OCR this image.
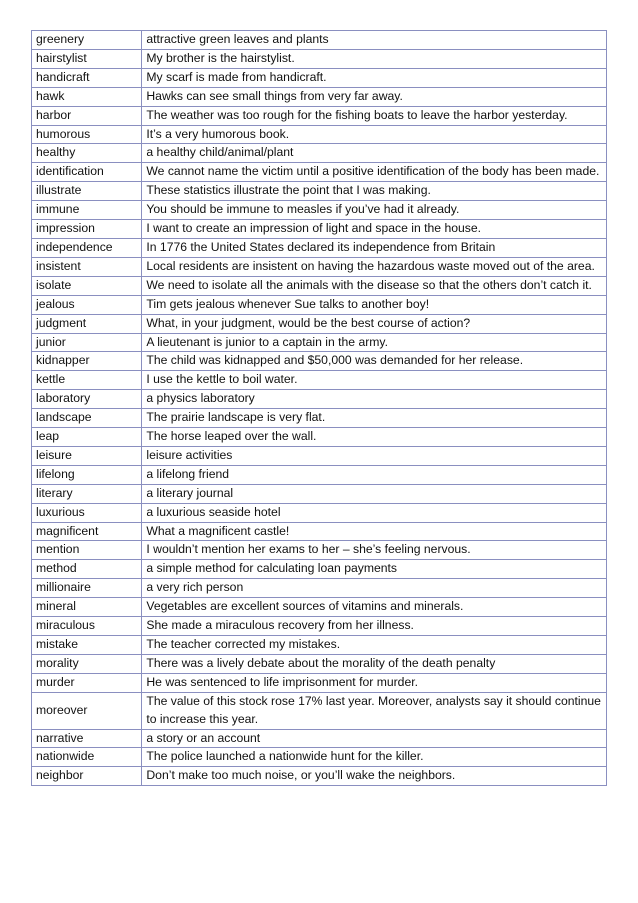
greenery	attractive green leaves and plants
hairstylist	My brother is the hairstylist.
handicraft	My scarf is made from handicraft.
hawk	Hawks can see small things from very far away.
harbor	The weather was too rough for the fishing boats to leave the harbor yesterday.
humorous	It’s a very humorous book.
healthy	a healthy child/animal/plant
identification	We cannot name the victim until a positive identification of the body has been made.
illustrate	These statistics illustrate the point that I was making.
immune	You should be immune to measles if you’ve had it already.
impression	I want to create an impression of light and space in the house.
independence	In 1776 the United States declared its independence from Britain
insistent	Local residents are insistent on having the hazardous waste moved out of the area.
isolate	We need to isolate all the animals with the disease so that the others don’t catch it.
jealous	Tim gets jealous whenever Sue talks to another boy!
judgment	What, in your judgment, would be the best course of action?
junior	A lieutenant is junior to a captain in the army.
kidnapper	The child was kidnapped and $50,000 was demanded for her release.
kettle	I use the kettle to boil water.
laboratory	a physics laboratory
landscape	The prairie landscape is very flat.
leap	The horse leaped over the wall.
leisure	leisure activities
lifelong	a lifelong friend
literary	a literary journal
luxurious	a luxurious seaside hotel
magnificent	What a magnificent castle!
mention	I wouldn’t mention her exams to her – she’s feeling nervous.
method	a simple method for calculating loan payments
millionaire	a very rich person
mineral	Vegetables are excellent sources of vitamins and minerals.
miraculous	She made a miraculous recovery from her illness.
mistake	The teacher corrected my mistakes.
morality	There was a lively debate about the morality of the death penalty
murder	He was sentenced to life imprisonment for murder.
moreover	The value of this stock rose 17% last year. Moreover, analysts say it should continue to increase this year.
narrative	a story or an account
nationwide	The police launched a nationwide hunt for the killer.
neighbor	Don’t make too much noise, or you’ll wake the neighbors.
